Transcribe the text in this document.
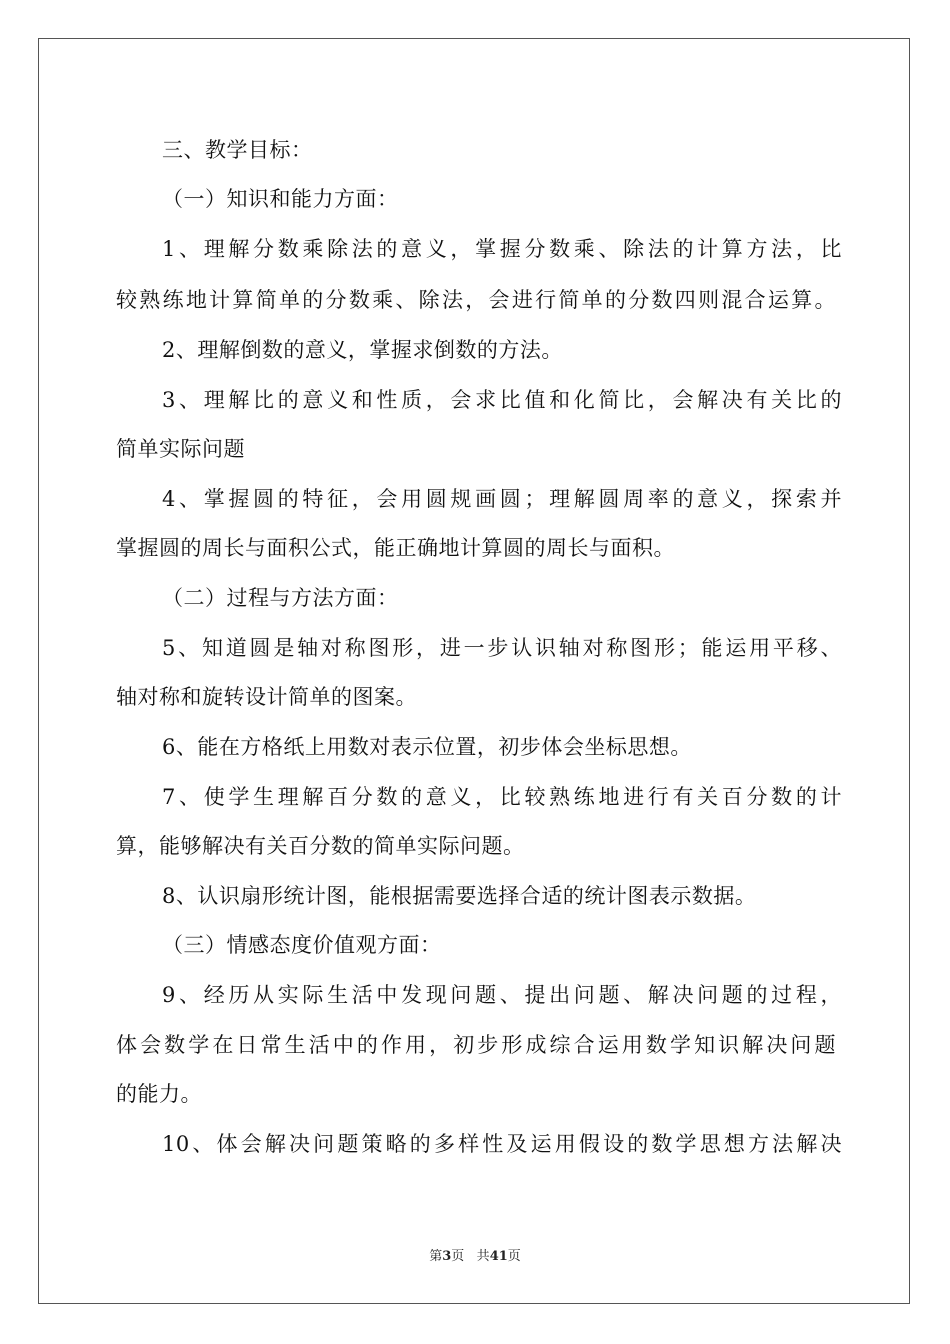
三、教学目标：
（一）知识和能力方面：
1、理解分数乘除法的意义，掌握分数乘、除法的计算方法，比
较熟练地计算简单的分数乘、除法，会进行简单的分数四则混合运算。
2、理解倒数的意义，掌握求倒数的方法。
3、理解比的意义和性质，会求比值和化简比，会解决有关比的
简单实际问题
4、掌握圆的特征，会用圆规画圆；理解圆周率的意义，探索并
掌握圆的周长与面积公式，能正确地计算圆的周长与面积。
（二）过程与方法方面：
5、知道圆是轴对称图形，进一步认识轴对称图形；能运用平移、
轴对称和旋转设计简单的图案。
6、能在方格纸上用数对表示位置，初步体会坐标思想。
7、使学生理解百分数的意义，比较熟练地进行有关百分数的计
算，能够解决有关百分数的简单实际问题。
8、认识扇形统计图，能根据需要选择合适的统计图表示数据。
（三）情感态度价值观方面：
9、经历从实际生活中发现问题、提出问题、解决问题的过程，
体会数学在日常生活中的作用，初步形成综合运用数学知识解决问题
的能力。
10、体会解决问题策略的多样性及运用假设的数学思想方法解决
第3页 共41页
